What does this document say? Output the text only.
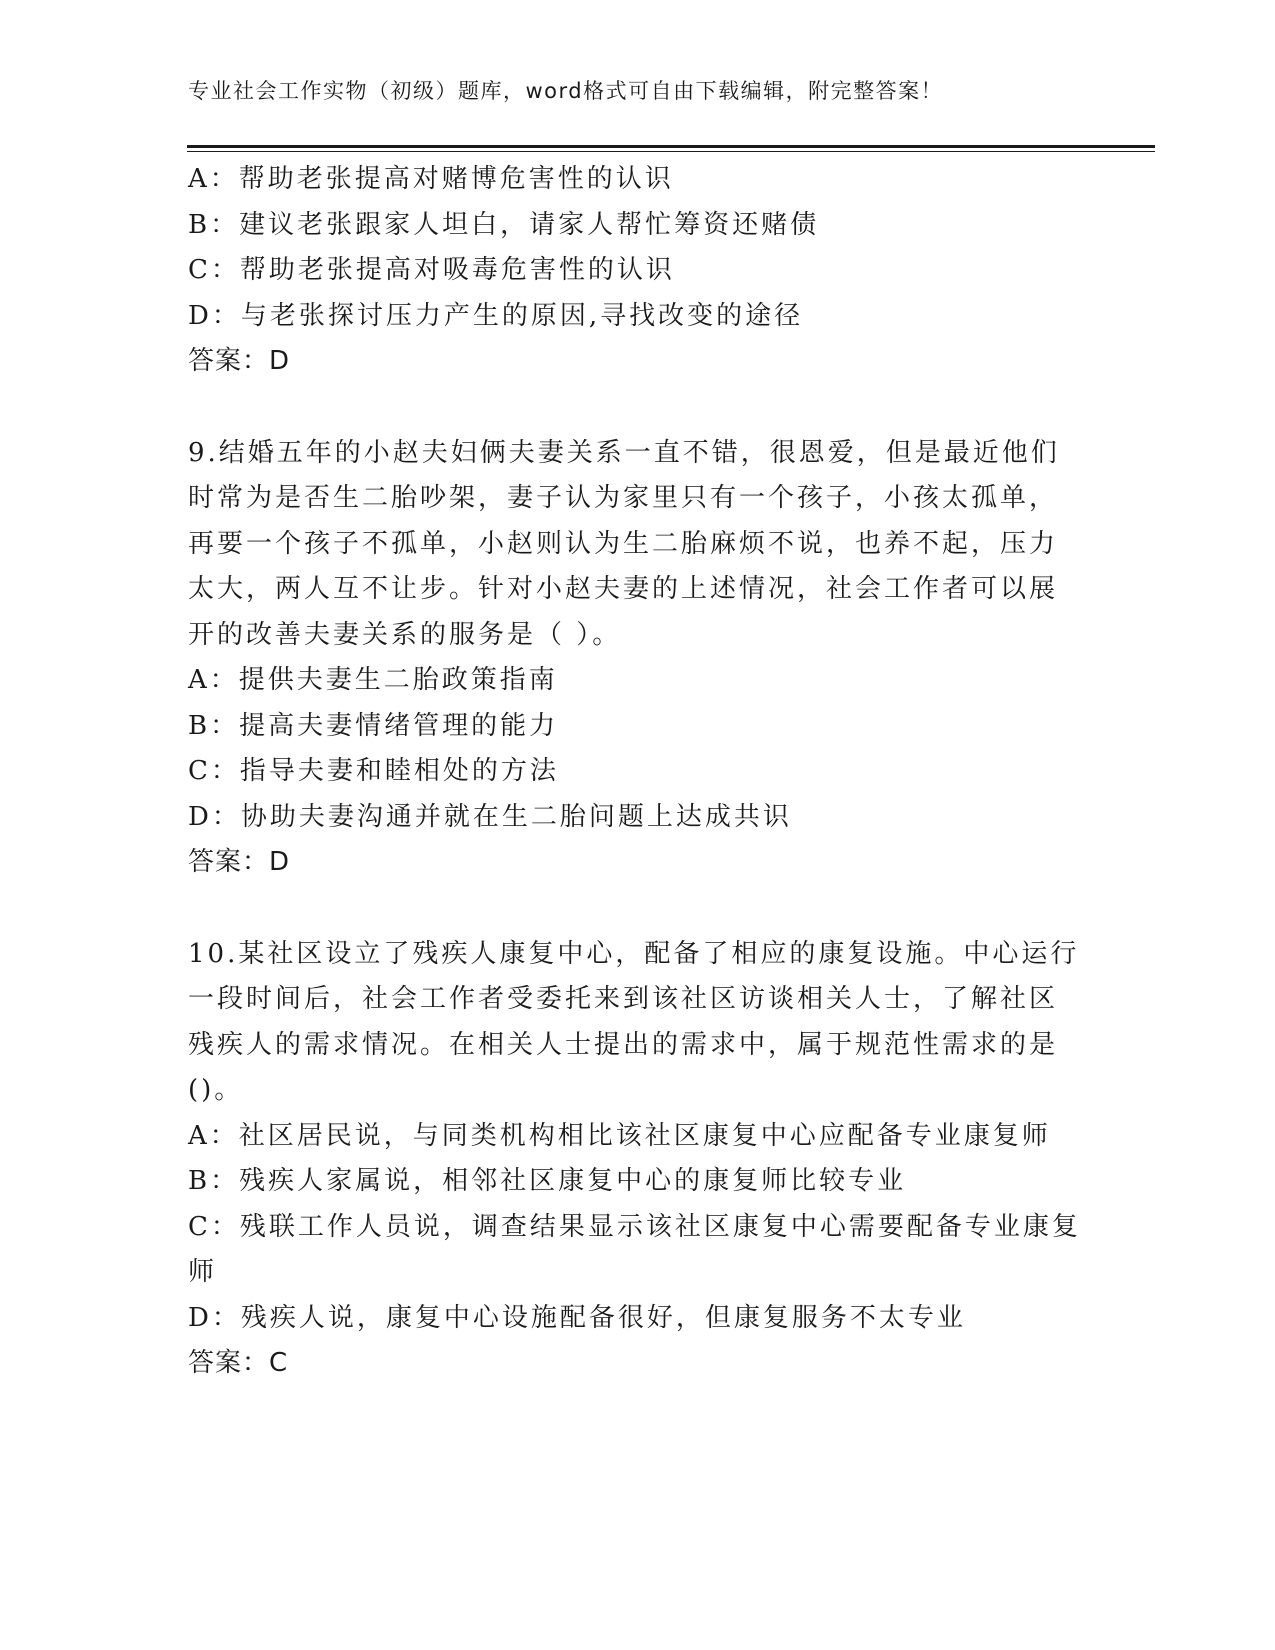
专业社会工作实物（初级）题库，word格式可自由下载编辑，附完整答案！
A：帮助老张提高对赌博危害性的认识
B：建议老张跟家人坦白，请家人帮忙筹资还赌债
C：帮助老张提高对吸毒危害性的认识
D：与老张探讨压力产生的原因,寻找改变的途径
答案：D
9.结婚五年的小赵夫妇俩夫妻关系一直不错，很恩爱，但是最近他们
时常为是否生二胎吵架，妻子认为家里只有一个孩子，小孩太孤单，
再要一个孩子不孤单，小赵则认为生二胎麻烦不说，也养不起，压力
太大，两人互不让步。针对小赵夫妻的上述情况，社会工作者可以展
开的改善夫妻关系的服务是（ ）。
A：提供夫妻生二胎政策指南
B：提高夫妻情绪管理的能力
C：指导夫妻和睦相处的方法
D：协助夫妻沟通并就在生二胎问题上达成共识
答案：D
10.某社区设立了残疾人康复中心，配备了相应的康复设施。中心运行
一段时间后，社会工作者受委托来到该社区访谈相关人士，了解社区
残疾人的需求情况。在相关人士提出的需求中，属于规范性需求的是
()。
A：社区居民说，与同类机构相比该社区康复中心应配备专业康复师
B：残疾人家属说，相邻社区康复中心的康复师比较专业
C：残联工作人员说，调查结果显示该社区康复中心需要配备专业康复
师
D：残疾人说，康复中心设施配备很好，但康复服务不太专业
答案：C
